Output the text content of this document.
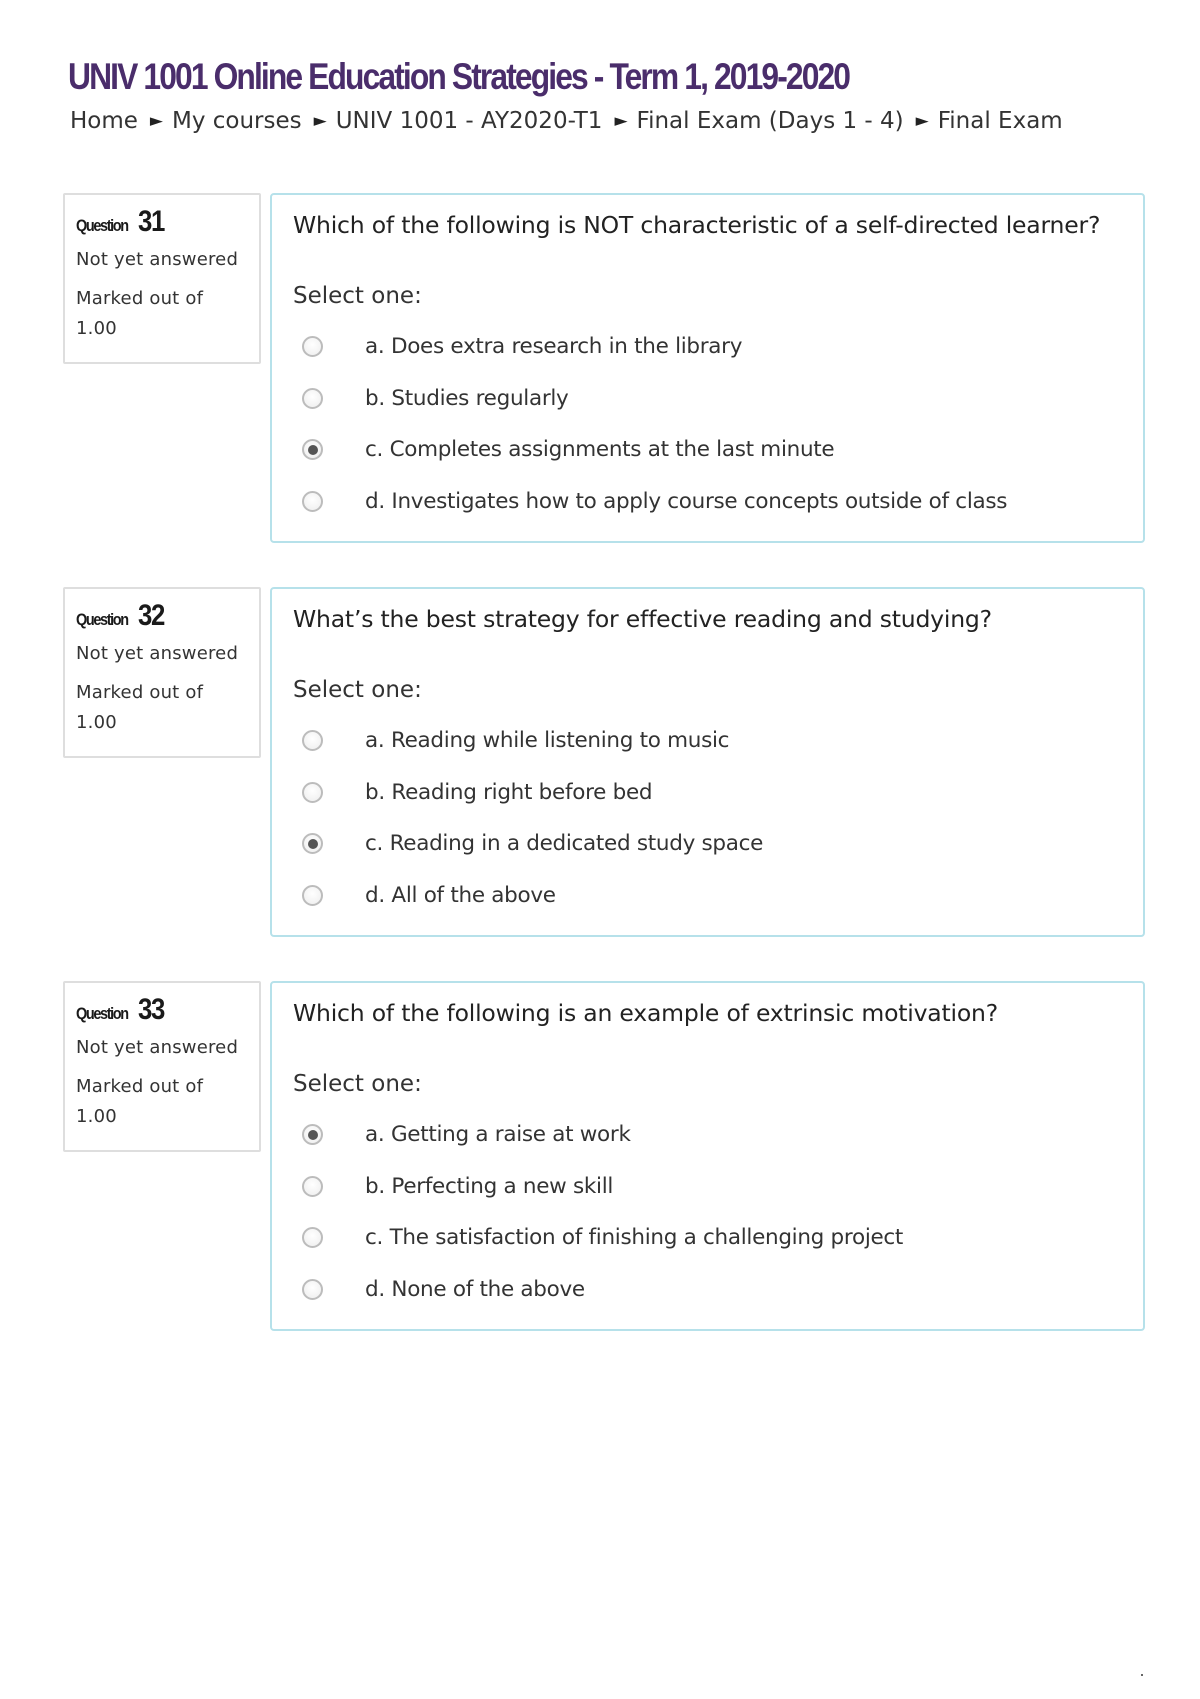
UNIV 1001 Online Education Strategies - Term 1, 2019-2020
Home ► My courses ► UNIV 1001 - AY2020-T1 ► Final Exam (Days 1 - 4) ► Final Exam
Question 31
Not yet answered
Marked out of
1.00
Which of the following is NOT characteristic of a self-directed learner?
Select one:
a. Does extra research in the library
b. Studies regularly
c. Completes assignments at the last minute
d. Investigates how to apply course concepts outside of class
Question 32
Not yet answered
Marked out of
1.00
What’s the best strategy for effective reading and studying?
Select one:
a. Reading while listening to music
b. Reading right before bed
c. Reading in a dedicated study space
d. All of the above
Question 33
Not yet answered
Marked out of
1.00
Which of the following is an example of extrinsic motivation?
Select one:
a. Getting a raise at work
b. Perfecting a new skill
c. The satisfaction of finishing a challenging project
d. None of the above
